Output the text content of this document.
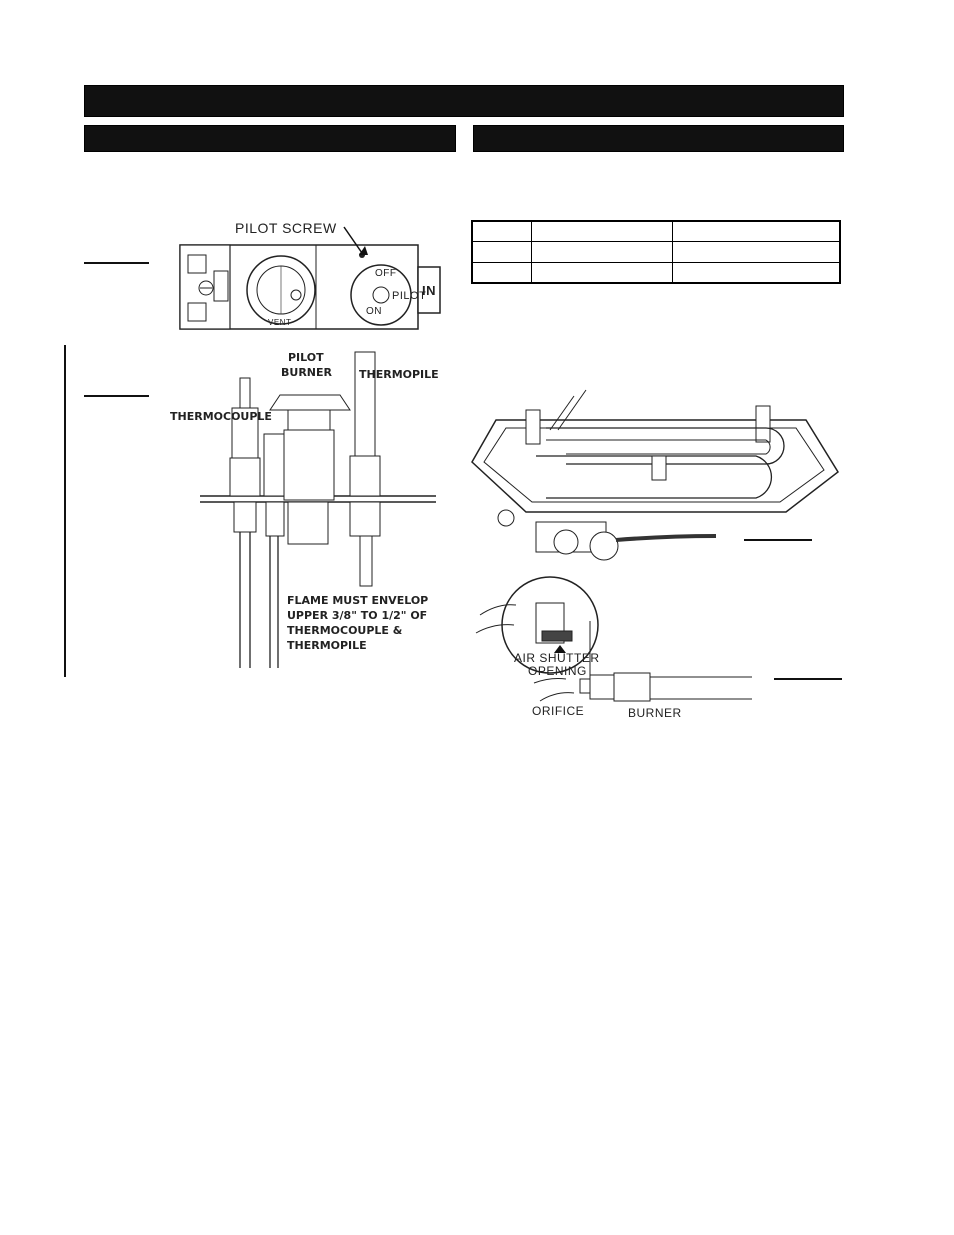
PILOT SCREW
VENT
ON
OFF
PILOT
IN
PILOT
BURNER THERMOPILE
THERMOCOUPLE
FLAME MUST ENVELOP
UPPER 3/8" TO 1/2" OF
THERMOCOUPLE &
THERMOPILE

AIR SHUTTER
OPENING
ORIFICE	BURNER
